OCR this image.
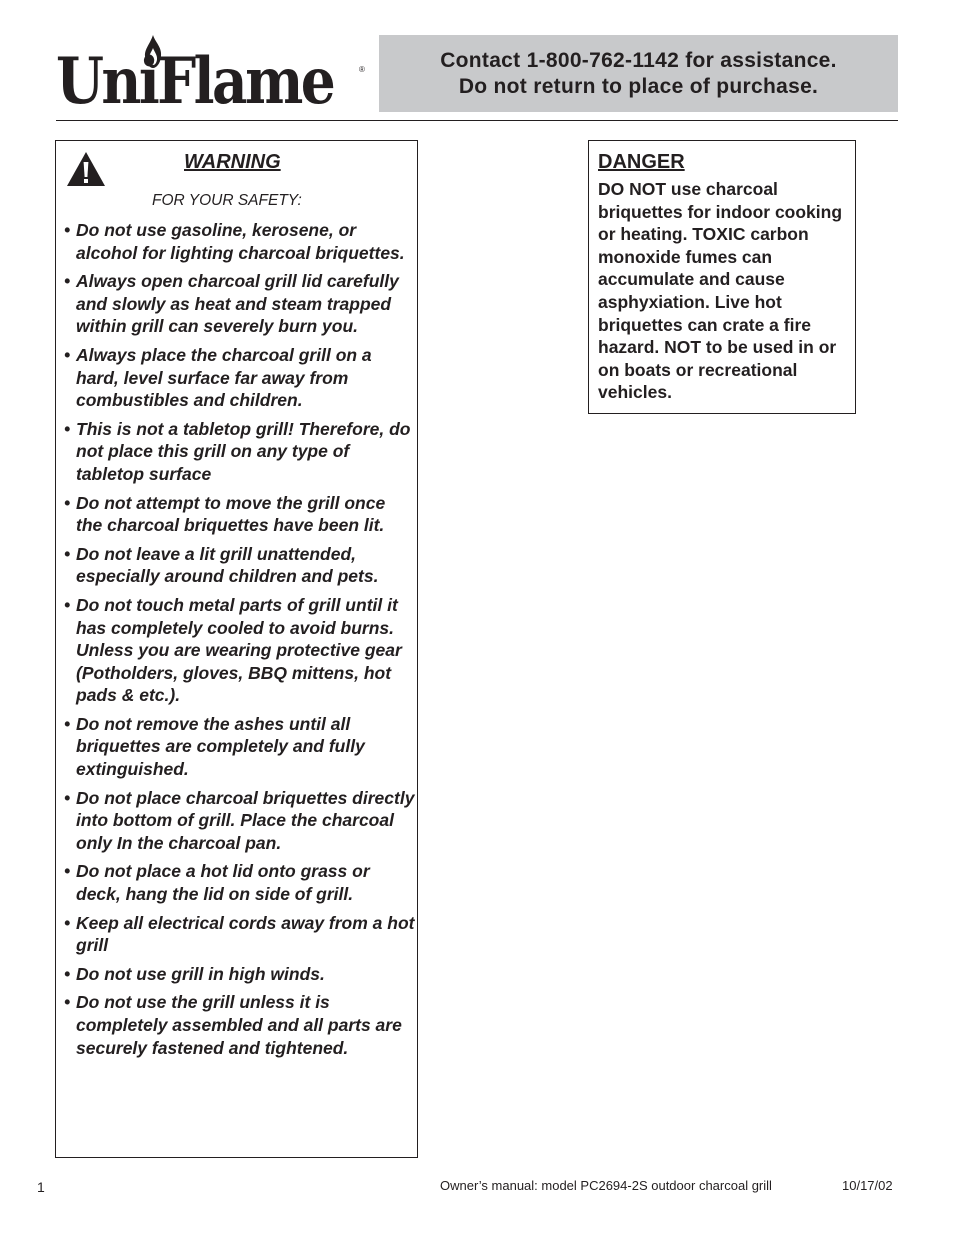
UniFlame	®	Contact 1-800-762-1142 for assistance.
Do not return to place of purchase.
WARNING
FOR YOUR SAFETY:
• Do not use gasoline, kerosene, or alcohol for lighting charcoal briquettes.
• Always open charcoal grill lid carefully and slowly as heat and steam trapped within grill can severely burn you.
• Always place the charcoal grill on a hard, level surface far away from combustibles and children.
• This is not a tabletop grill! Therefore, do not place this grill on any type of tabletop surface
• Do not attempt to move the grill once the charcoal briquettes have been lit.
• Do not leave a lit grill unattended, especially around children and pets.
• Do not touch metal parts of grill until it has completely cooled to avoid burns. Unless you are wearing protective gear (Potholders, gloves, BBQ mittens, hot pads & etc.).
• Do not remove the ashes until all briquettes are completely and fully extinguished.
• Do not place charcoal briquettes directly into bottom of grill. Place the charcoal only In the charcoal pan.
• Do not place a hot lid onto grass or deck, hang the lid on side of grill.
• Keep all electrical cords away from a hot grill
• Do not use grill in high winds.
• Do not use the grill unless it is completely assembled and all parts are securely fastened and tightened.
DANGER
DO NOT use charcoal briquettes for indoor cooking or heating. TOXIC carbon monoxide fumes can accumulate and cause asphyxiation. Live hot briquettes can crate a fire hazard. NOT to be used in or on boats or recreational vehicles.
1	Owner’s manual: model PC2694-2S outdoor charcoal grill	10/17/02
